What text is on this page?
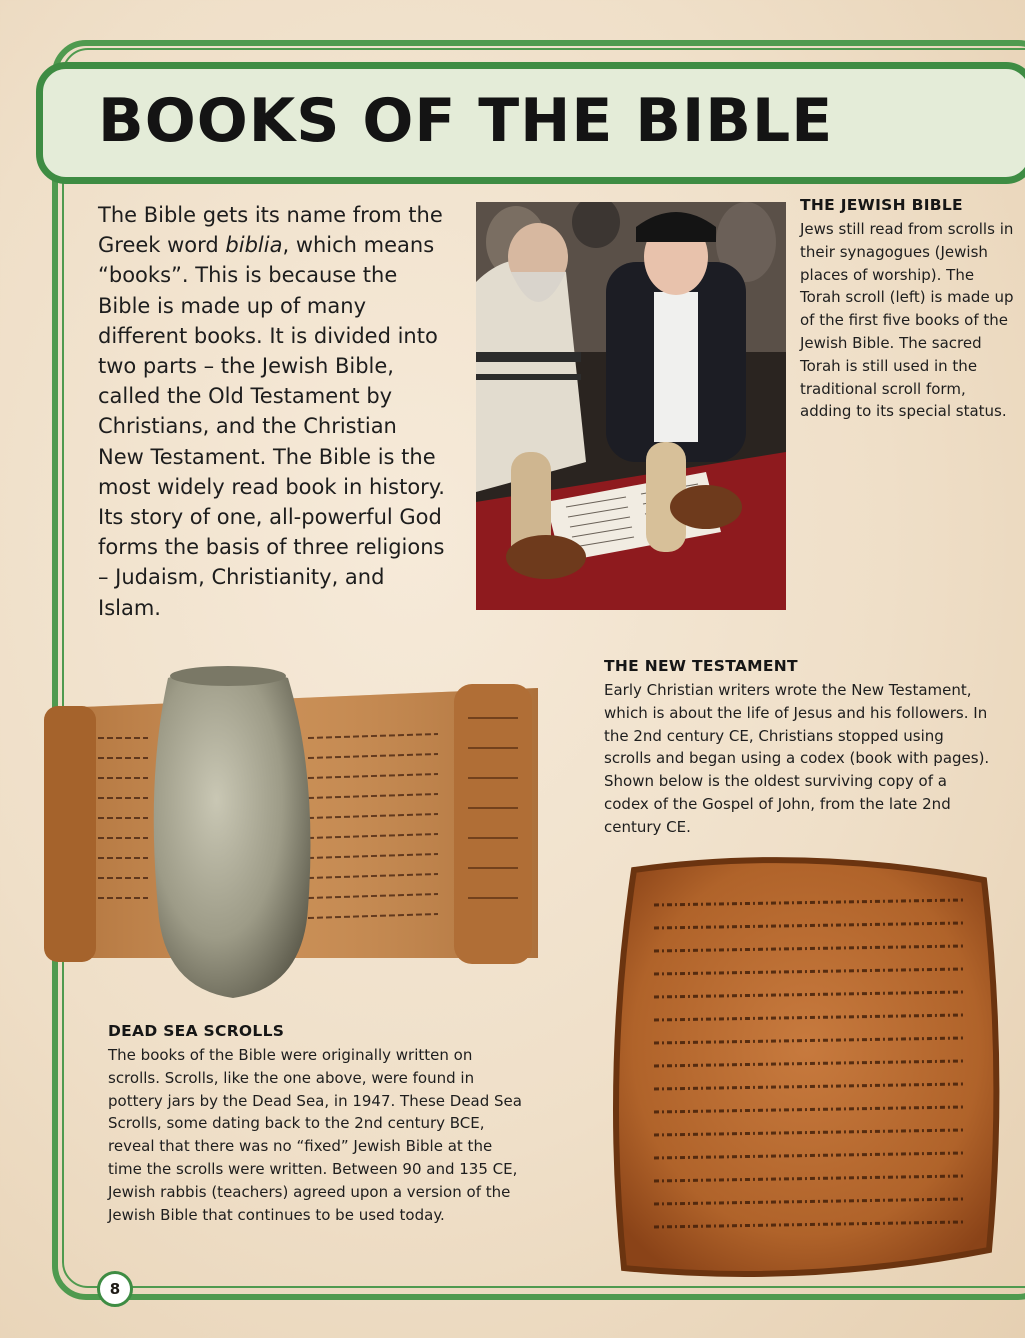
BOOKS OF THE BIBLE

The Bible gets its name from the Greek word biblia, which means “books”. This is because the Bible is made up of many different books. It is divided into two parts – the Jewish Bible, called the Old Testament by Christians, and the Christian New Testament. The Bible is the most widely read book in history. Its story of one, all-powerful God forms the basis of three religions – Judaism, Christianity, and Islam.

THE JEWISH BIBLE

Jews still read from scrolls in their synagogues (Jewish places of worship). The Torah scroll (left) is made up of the first five books of the Jewish Bible. The sacred Torah is still used in the traditional scroll form, adding to its special status.

THE NEW TESTAMENT

Early Christian writers wrote the New Testament, which is about the life of Jesus and his followers. In the 2nd century CE, Christians stopped using scrolls and began using a codex (book with pages). Shown below is the oldest surviving copy of a codex of the Gospel of John, from the late 2nd century CE.

DEAD SEA SCROLLS

The books of the Bible were originally written on scrolls. Scrolls, like the one above, were found in pottery jars by the Dead Sea, in 1947. These Dead Sea Scrolls, some dating back to the 2nd century BCE, reveal that there was no “fixed” Jewish Bible at the time the scrolls were written. Between 90 and 135 CE, Jewish rabbis (teachers) agreed upon a version of the Jewish Bible that continues to be used today.

8
